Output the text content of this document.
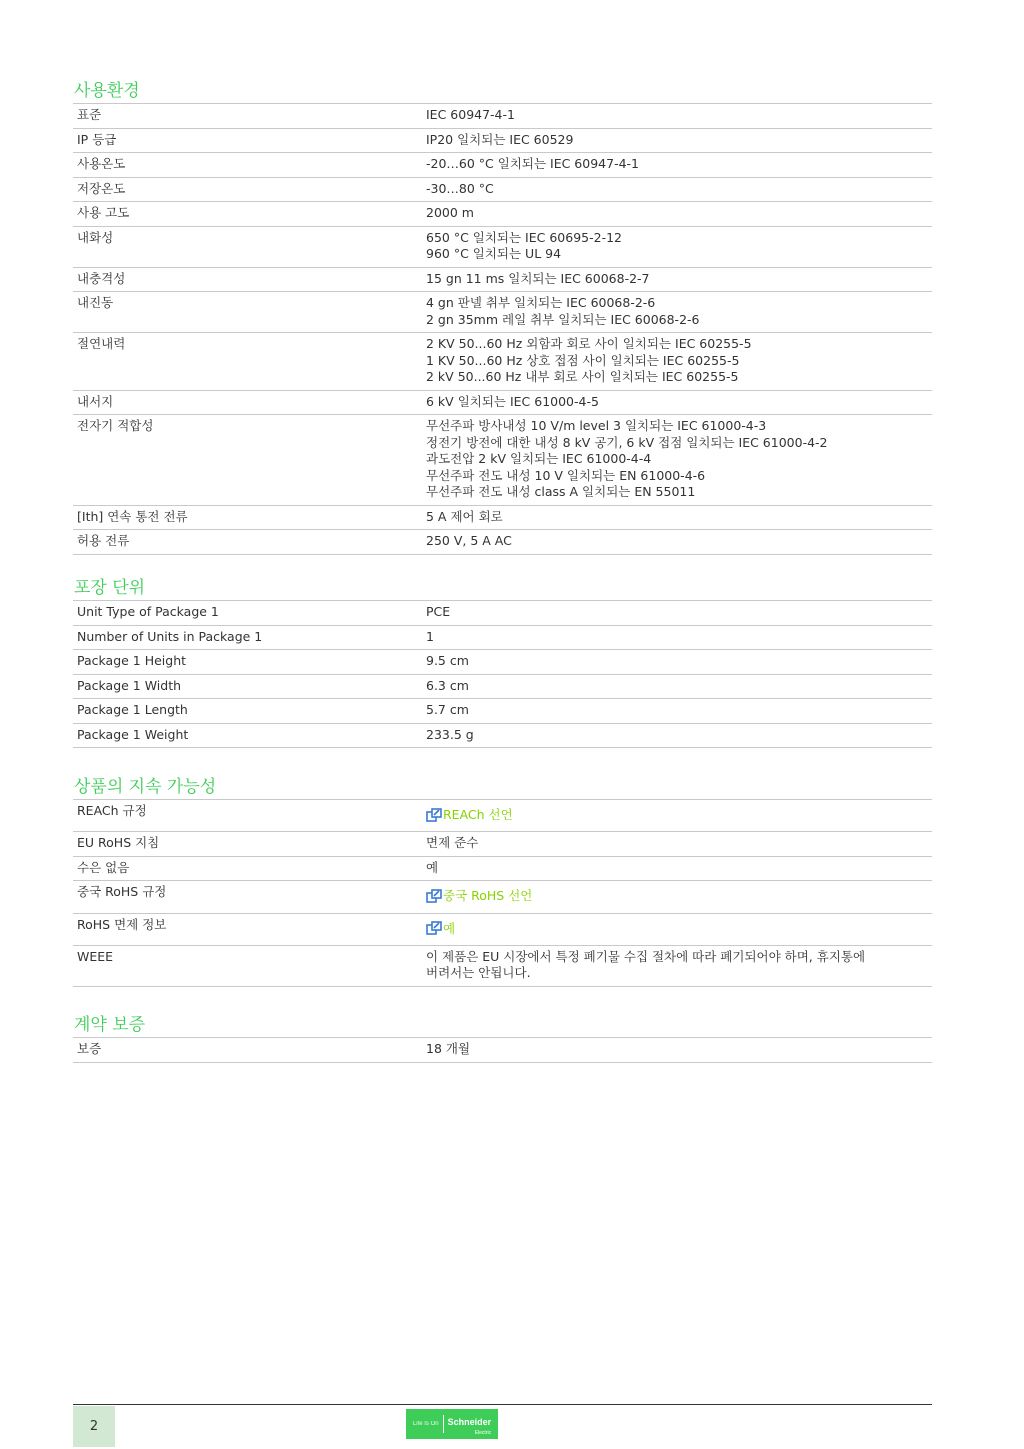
사용환경
표준	IEC 60947-4-1

IP 등급	IP20 일치되는 IEC 60529

사용온도	-20…60 °C 일치되는 IEC 60947-4-1

저장온도	-30…80 °C

사용 고도	2000 m

내화성	650 °C 일치되는 IEC 60695-2-12
960 °C 일치되는 UL 94

내충격성	15 gn 11 ms 일치되는 IEC 60068-2-7

내진동	4 gn 판넬 취부 일치되는 IEC 60068-2-6
2 gn 35mm 레일 취부 일치되는 IEC 60068-2-6

절연내력	2 KV 50...60 Hz 외함과 회로 사이 일치되는 IEC 60255-5
1 KV 50...60 Hz 상호 접점 사이 일치되는 IEC 60255-5
2 kV 50...60 Hz 내부 회로 사이 일치되는 IEC 60255-5

내서지	6 kV 일치되는 IEC 61000-4-5

전자기 적합성	무선주파 방사내성 10 V/m level 3 일치되는 IEC 61000-4-3
정전기 방전에 대한 내성 8 kV 공기, 6 kV 접점 일치되는 IEC 61000-4-2
과도전압 2 kV 일치되는 IEC 61000-4-4
무선주파 전도 내성 10 V 일치되는 EN 61000-4-6
무선주파 전도 내성 class A 일치되는 EN 55011

[Ith] 연속 통전 전류	5 A 제어 회로

허용 전류	250 V, 5 A AC
포장 단위
Unit Type of Package 1	PCE

Number of Units in Package 1	1

Package 1 Height	9.5 cm

Package 1 Width	6.3 cm

Package 1 Length	5.7 cm

Package 1 Weight	233.5 g
상품의 지속 가능성
REACh 규정	REACh 선언

EU RoHS 지침	면제 준수

수은 없음	예

중국 RoHS 규정	중국 RoHS 선언

RoHS 면제 정보	예

WEEE	이 제품은 EU 시장에서 특정 폐기물 수집 절차에 따라 폐기되어야 하며, 휴지통에
버려서는 안됩니다.
계약 보증
보증	18 개월
2	Life Is On Schneider
Electric
